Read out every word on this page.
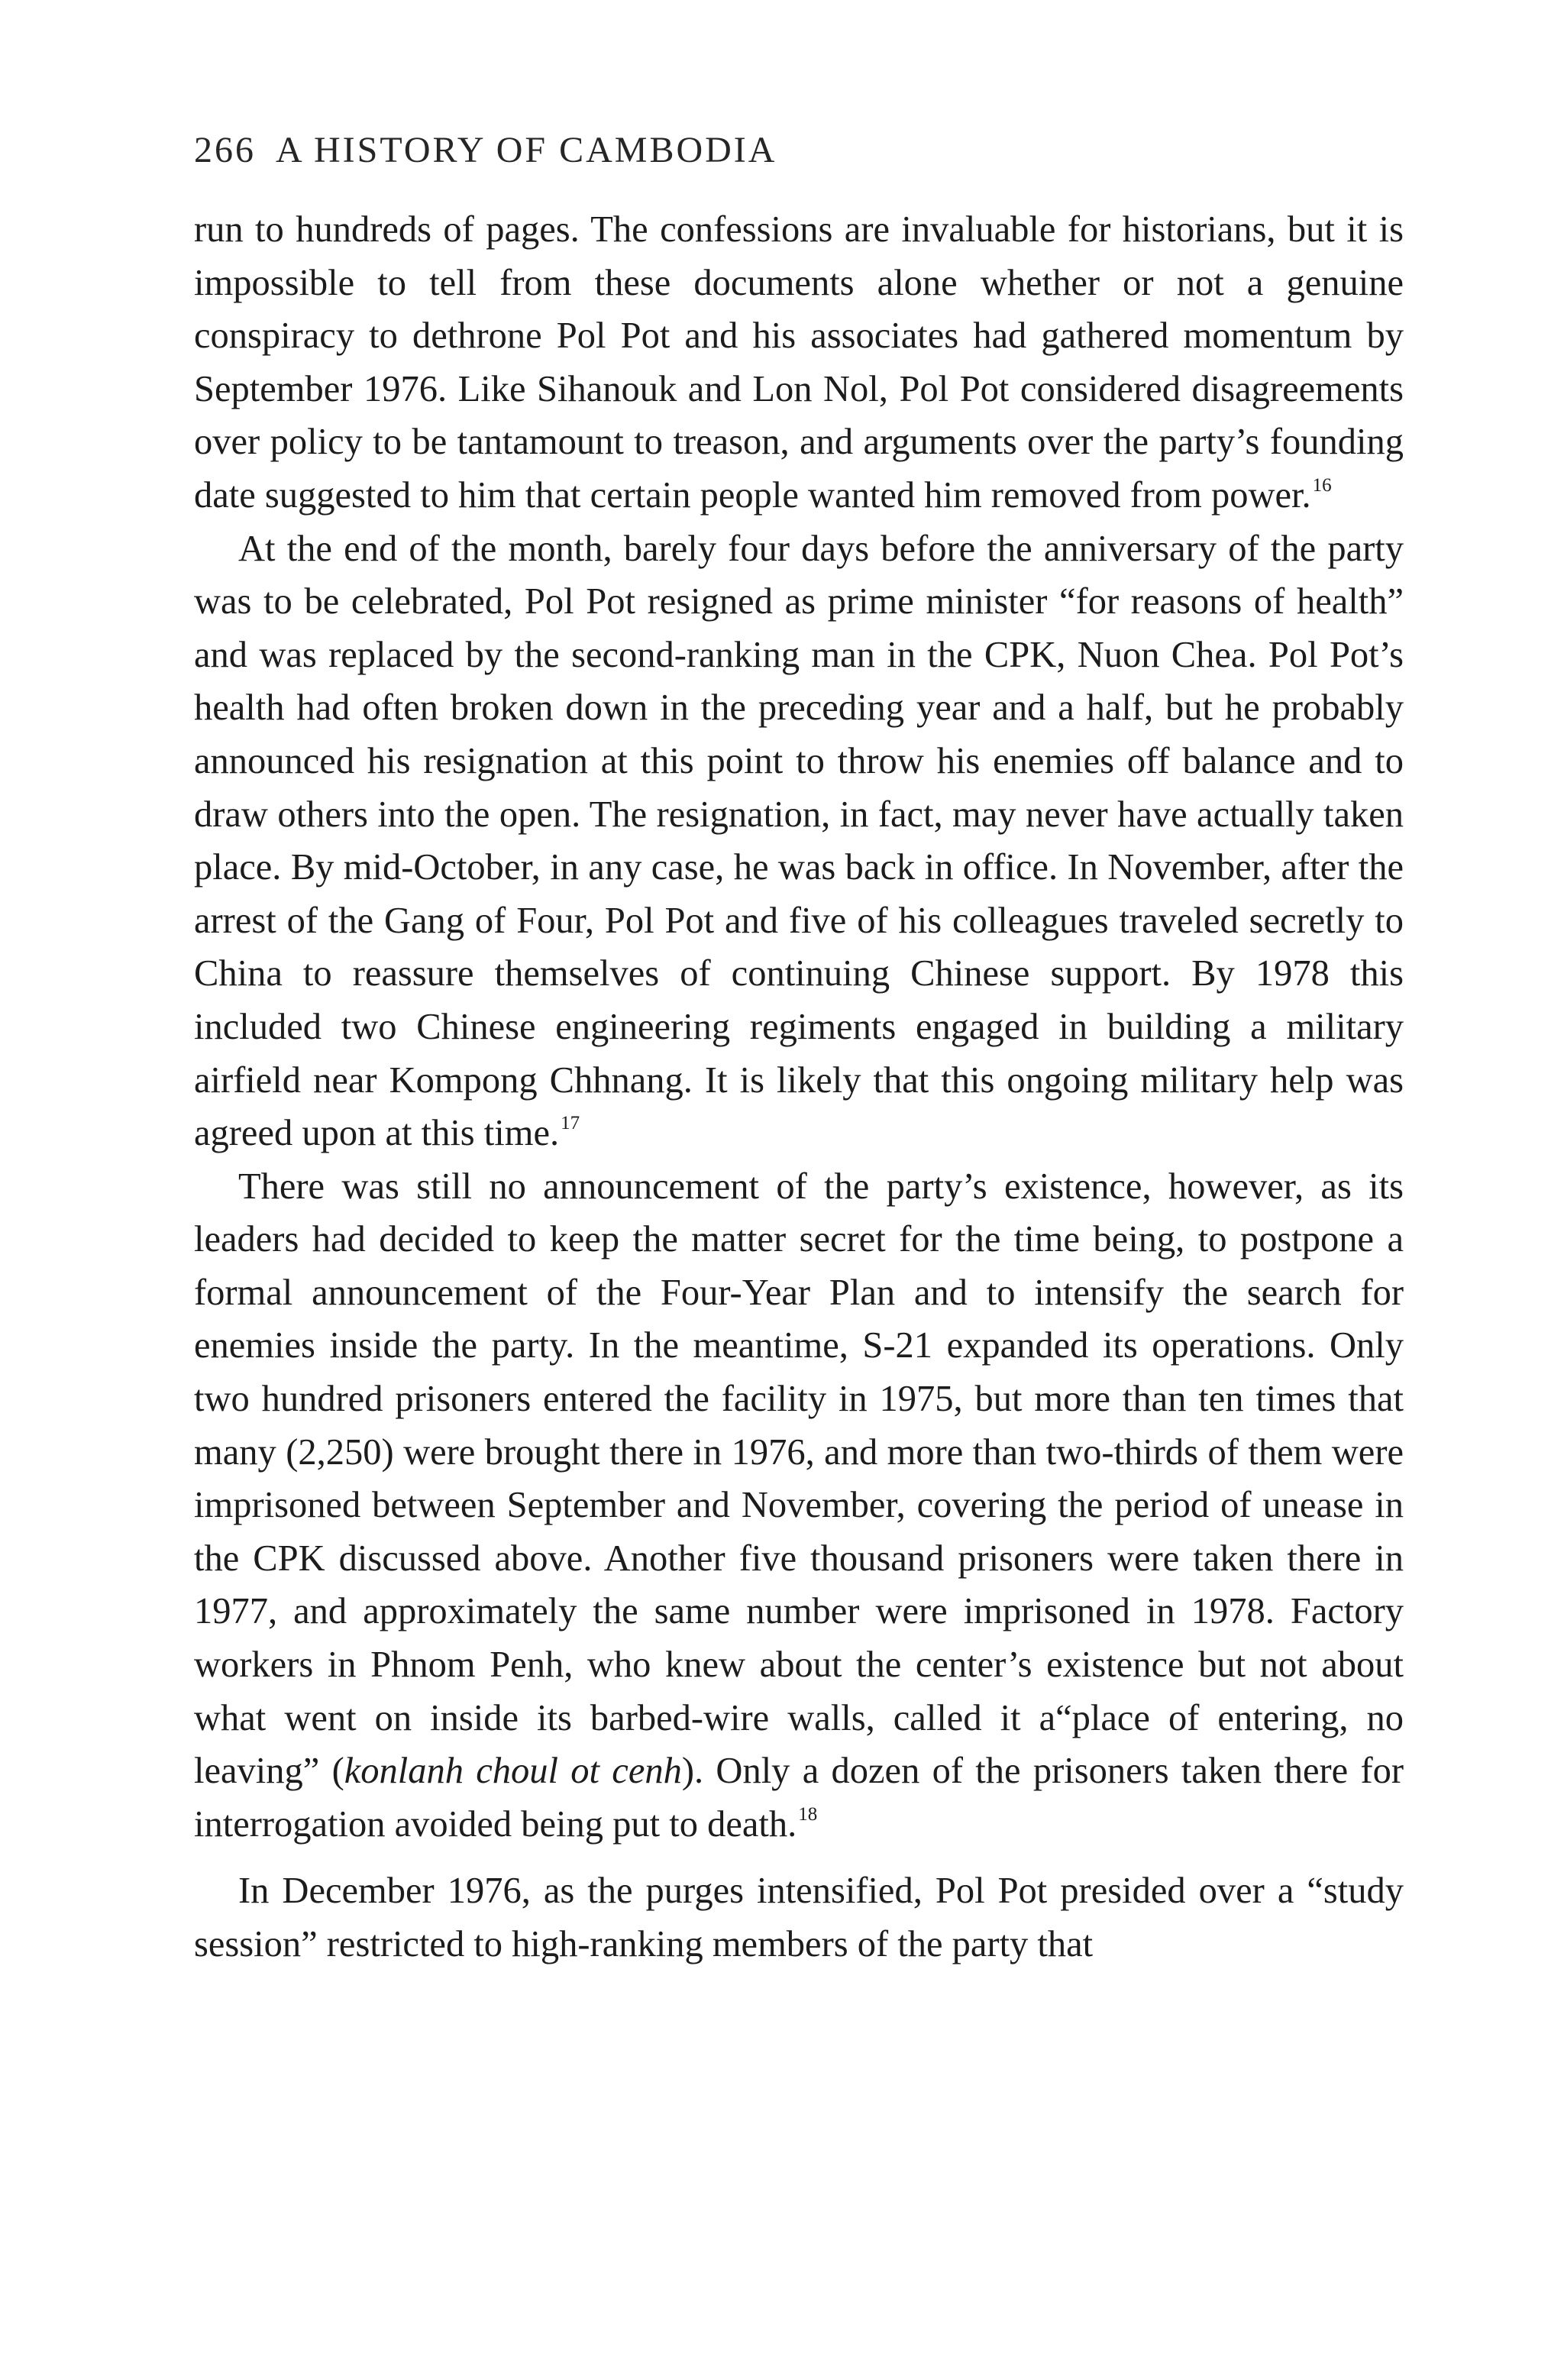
266 A HISTORY OF CAMBODIA

run to hundreds of pages. The confessions are invaluable for historians, but it is impossible to tell from these documents alone whether or not a genuine conspiracy to dethrone Pol Pot and his associates had gathered momentum by September 1976. Like Sihanouk and Lon Nol, Pol Pot considered disagreements over policy to be tantamount to treason, and arguments over the party’s founding date suggested to him that certain people wanted him removed from power.$^{16}$

At the end of the month, barely four days before the anniversary of the party was to be celebrated, Pol Pot resigned as prime minister “for reasons of health” and was replaced by the second-ranking man in the CPK, Nuon Chea. Pol Pot’s health had often broken down in the preceding year and a half, but he probably announced his resignation at this point to throw his enemies off balance and to draw others into the open. The resignation, in fact, may never have actually taken place. By mid-October, in any case, he was back in office. In November, after the arrest of the Gang of Four, Pol Pot and five of his colleagues traveled secretly to China to reassure themselves of continuing Chinese support. By 1978 this included two Chinese engineering regiments engaged in building a military airfield near Kompong Chhnang. It is likely that this ongoing military help was agreed upon at this time.$^{17}$

There was still no announcement of the party’s existence, however, as its leaders had decided to keep the matter secret for the time being, to postpone a formal announcement of the Four-Year Plan and to intensify the search for enemies inside the party. In the meantime, S-21 expanded its operations. Only two hundred prisoners entered the facility in 1975, but more than ten times that many (2,250) were brought there in 1976, and more than two-thirds of them were imprisoned between September and November, covering the period of unease in the CPK discussed above. Another five thousand prisoners were taken there in 1977, and approximately the same number were imprisoned in 1978. Factory workers in Phnom Penh, who knew about the center’s existence but not about what went on inside its barbed-wire walls, called it a“place of entering, no leaving” (konlanh choul ot cenh). Only a dozen of the prisoners taken there for interrogation avoided being put to death.$^{18}$

In December 1976, as the purges intensified, Pol Pot presided over a “study session” restricted to high-ranking members of the party that
